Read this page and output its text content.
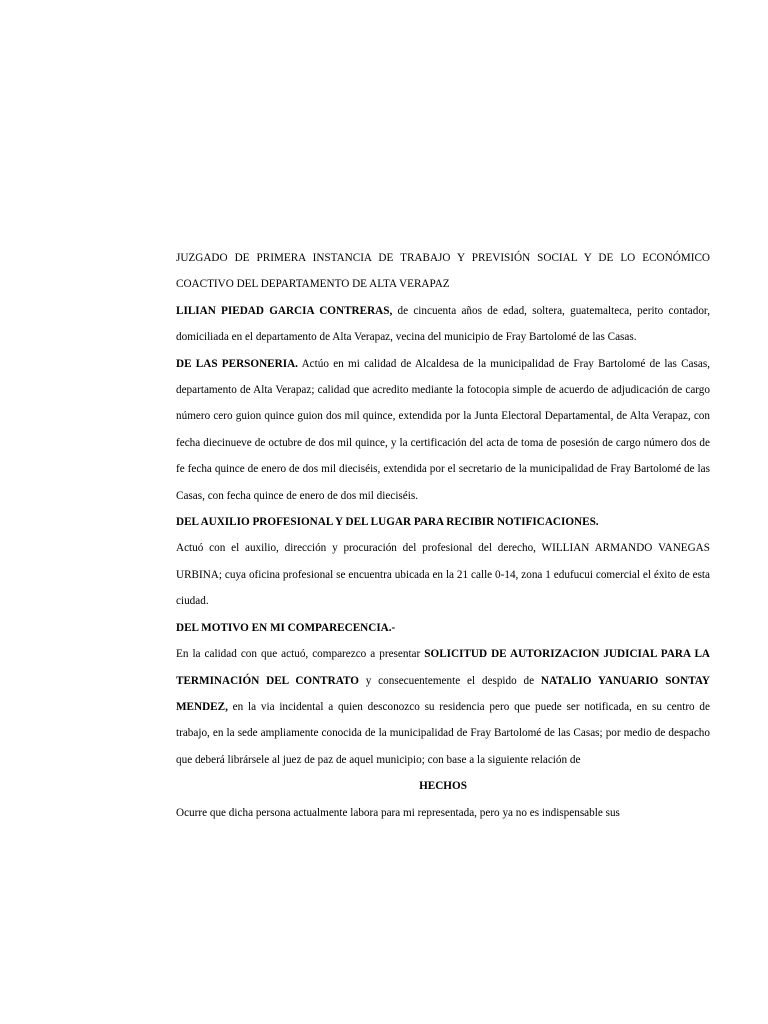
JUZGADO DE PRIMERA INSTANCIA DE TRABAJO Y PREVISIÓN SOCIAL Y DE LO ECONÓMICO COACTIVO DEL DEPARTAMENTO DE ALTA VERAPAZ

LILIAN PIEDAD GARCIA CONTRERAS, de cincuenta años de edad, soltera, guatemalteca, perito contador, domiciliada en el departamento de Alta Verapaz, vecina del municipio de Fray Bartolomé de las Casas.

DE LAS PERSONERIA. Actúo en mi calidad de Alcaldesa de la municipalidad de Fray Bartolomé de las Casas, departamento de Alta Verapaz; calidad que acredito mediante la fotocopia simple de acuerdo de adjudicación de cargo número cero guion quince guion dos mil quince, extendida por la Junta Electoral Departamental, de Alta Verapaz, con fecha diecinueve de octubre de dos mil quince, y la certificación del acta de toma de posesión de cargo número dos de fe fecha quince de enero de dos mil dieciséis, extendida por el secretario de la municipalidad de Fray Bartolomé de las Casas, con fecha quince de enero de dos mil dieciséis.

DEL AUXILIO PROFESIONAL Y DEL LUGAR PARA RECIBIR NOTIFICACIONES.

Actuó con el auxilio, dirección y procuración del profesional del derecho, WILLIAN ARMANDO VANEGAS URBINA; cuya oficina profesional se encuentra ubicada en la 21 calle 0-14, zona 1 edufucui comercial el éxito de esta ciudad.

DEL MOTIVO EN MI COMPARECENCIA.-

En la calidad con que actuó, comparezco a presentar SOLICITUD DE AUTORIZACION JUDICIAL PARA LA TERMINACIÓN DEL CONTRATO y consecuentemente el despido de NATALIO YANUARIO SONTAY MENDEZ, en la via incidental a quien desconozco su residencia pero que puede ser notificada, en su centro de trabajo, en la sede ampliamente conocida de la municipalidad de Fray Bartolomé de las Casas; por medio de despacho que deberá librársele al juez de paz de aquel municipio; con base a la siguiente relación de

HECHOS

Ocurre que dicha persona actualmente labora para mi representada, pero ya no es indispensable sus
